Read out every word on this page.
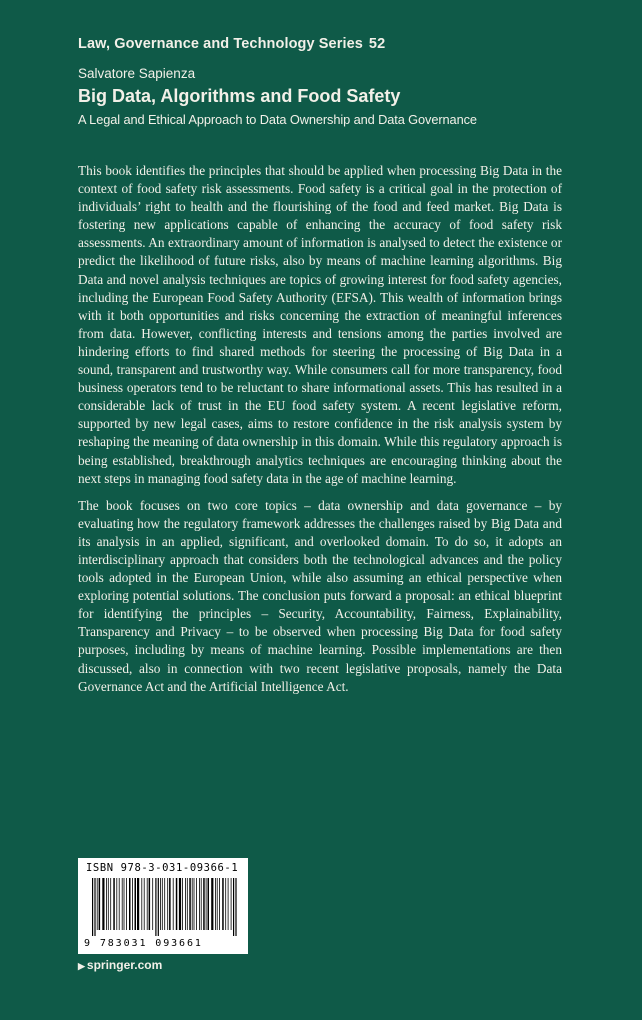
Law, Governance and Technology Series 52
Salvatore Sapienza
Big Data, Algorithms and Food Safety
A Legal and Ethical Approach to Data Ownership and Data Governance

This book identifies the principles that should be applied when processing Big Data in the context of food safety risk assessments. Food safety is a critical goal in the protection of individuals’ right to health and the flourishing of the food and feed market. Big Data is fostering new applications capable of enhancing the accuracy of food safety risk assessments. An extraordinary amount of information is analysed to detect the existence or predict the likelihood of future risks, also by means of machine learning algorithms. Big Data and novel analysis techniques are topics of growing interest for food safety agencies, including the European Food Safety Authority (EFSA). This wealth of information brings with it both opportunities and risks concerning the extraction of meaningful inferences from data. However, conflicting interests and tensions among the parties involved are hindering efforts to find shared methods for steering the processing of Big Data in a sound, transparent and trustworthy way. While consumers call for more transparency, food business operators tend to be reluctant to share informational assets. This has resulted in a considerable lack of trust in the EU food safety system. A recent legislative reform, supported by new legal cases, aims to restore confidence in the risk analysis system by reshaping the meaning of data ownership in this domain. While this regulatory approach is being established, breakthrough analytics techniques are encouraging thinking about the next steps in managing food safety data in the age of machine learning.

The book focuses on two core topics – data ownership and data governance – by evaluating how the regulatory framework addresses the challenges raised by Big Data and its analysis in an applied, significant, and overlooked domain. To do so, it adopts an interdisciplinary approach that considers both the technological advances and the policy tools adopted in the European Union, while also assuming an ethical perspective when exploring potential solutions. The conclusion puts forward a proposal: an ethical blueprint for identifying the principles – Security, Accountability, Fairness, Explainability, Transparency and Privacy – to be observed when processing Big Data for food safety purposes, including by means of machine learning. Possible implementations are then discussed, also in connection with two recent legislative proposals, namely the Data Governance Act and the Artificial Intelligence Act.

ISBN 978-3-031-09366-1
9 783031 093661
▶ springer.com
